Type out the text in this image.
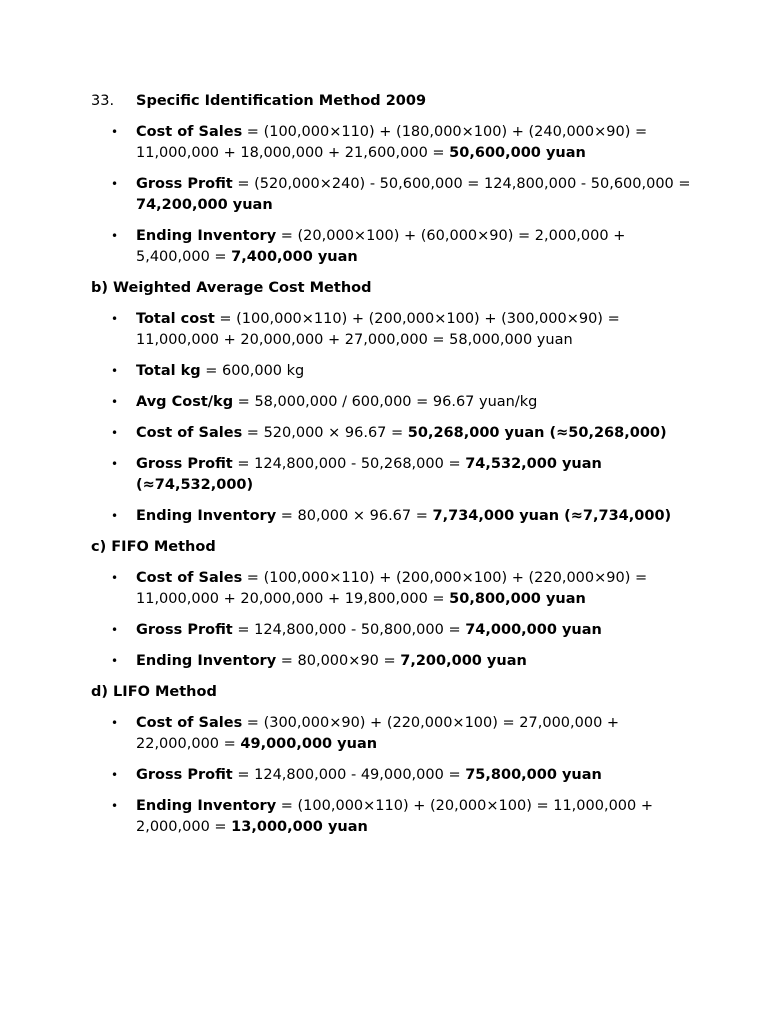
33.	Specific Identification Method 2009
• Cost of Sales = (100,000×110) + (180,000×100) + (240,000×90) = 11,000,000 + 18,000,000 + 21,600,000 = 50,600,000 yuan
• Gross Profit = (520,000×240) - 50,600,000 = 124,800,000 - 50,600,000 = 74,200,000 yuan
• Ending Inventory = (20,000×100) + (60,000×90) = 2,000,000 + 5,400,000 = 7,400,000 yuan
b) Weighted Average Cost Method
• Total cost = (100,000×110) + (200,000×100) + (300,000×90) = 11,000,000 + 20,000,000 + 27,000,000 = 58,000,000 yuan
• Total kg = 600,000 kg
• Avg Cost/kg = 58,000,000 / 600,000 = 96.67 yuan/kg
• Cost of Sales = 520,000 × 96.67 = 50,268,000 yuan (≈50,268,000)
• Gross Profit = 124,800,000 - 50,268,000 = 74,532,000 yuan (≈74,532,000)
• Ending Inventory = 80,000 × 96.67 = 7,734,000 yuan (≈7,734,000)
c) FIFO Method
• Cost of Sales = (100,000×110) + (200,000×100) + (220,000×90) = 11,000,000 + 20,000,000 + 19,800,000 = 50,800,000 yuan
• Gross Profit = 124,800,000 - 50,800,000 = 74,000,000 yuan
• Ending Inventory = 80,000×90 = 7,200,000 yuan
d) LIFO Method
• Cost of Sales = (300,000×90) + (220,000×100) = 27,000,000 + 22,000,000 = 49,000,000 yuan
• Gross Profit = 124,800,000 - 49,000,000 = 75,800,000 yuan
• Ending Inventory = (100,000×110) + (20,000×100) = 11,000,000 + 2,000,000 = 13,000,000 yuan
